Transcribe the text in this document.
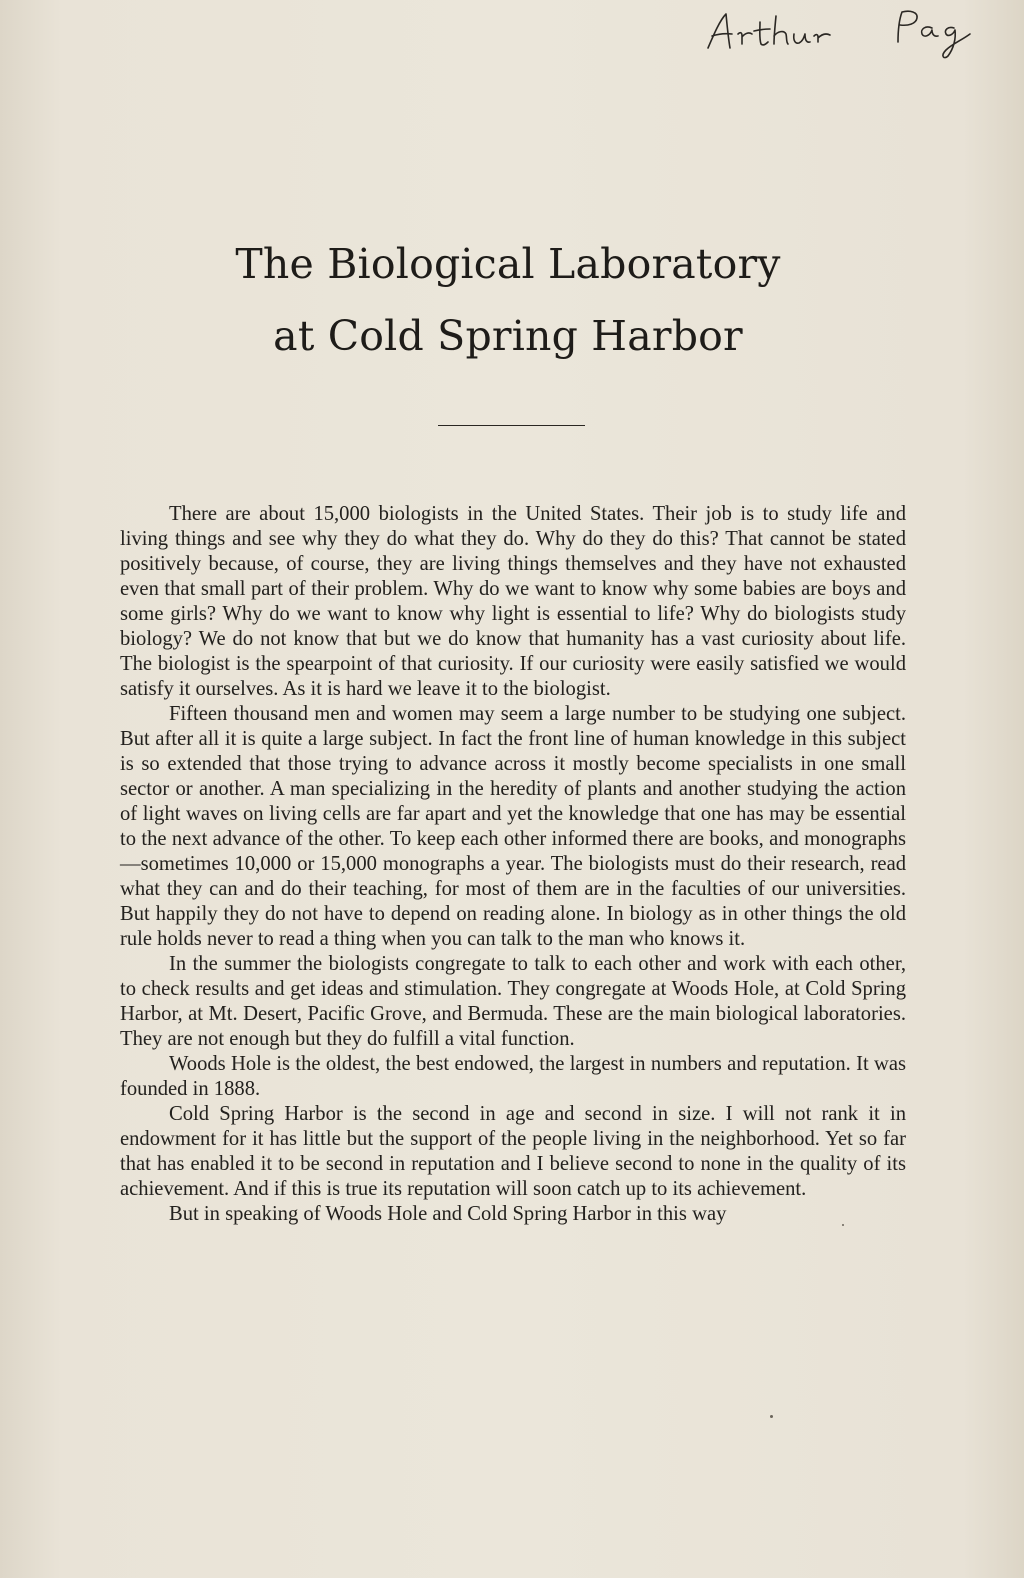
The Biological Laboratory
at Cold Spring Harbor

There are about 15,000 biologists in the United States. Their job is to study life and living things and see why they do what they do. Why do they do this? That cannot be stated positively because, of course, they are living things themselves and they have not exhausted even that small part of their problem. Why do we want to know why some babies are boys and some girls? Why do we want to know why light is essential to life? Why do biologists study biology? We do not know that but we do know that humanity has a vast curiosity about life. The biologist is the spearpoint of that curiosity. If our curiosity were easily satisfied we would satisfy it ourselves. As it is hard we leave it to the biologist.

Fifteen thousand men and women may seem a large number to be studying one subject. But after all it is quite a large subject. In fact the front line of human knowledge in this subject is so extended that those trying to advance across it mostly become specialists in one small sector or another. A man specializing in the heredity of plants and another studying the action of light waves on living cells are far apart and yet the knowledge that one has may be essential to the next advance of the other. To keep each other informed there are books, and monographs—sometimes 10,000 or 15,000 monographs a year. The biologists must do their research, read what they can and do their teaching, for most of them are in the faculties of our universities. But happily they do not have to depend on reading alone. In biology as in other things the old rule holds never to read a thing when you can talk to the man who knows it.

In the summer the biologists congregate to talk to each other and work with each other, to check results and get ideas and stimulation. They congregate at Woods Hole, at Cold Spring Harbor, at Mt. Desert, Pacific Grove, and Bermuda. These are the main biological laboratories. They are not enough but they do fulfill a vital function.

Woods Hole is the oldest, the best endowed, the largest in numbers and reputation. It was founded in 1888.

Cold Spring Harbor is the second in age and second in size. I will not rank it in endowment for it has little but the support of the people living in the neighborhood. Yet so far that has enabled it to be second in reputation and I believe second to none in the quality of its achievement. And if this is true its reputation will soon catch up to its achievement.

But in speaking of Woods Hole and Cold Spring Harbor in this way
